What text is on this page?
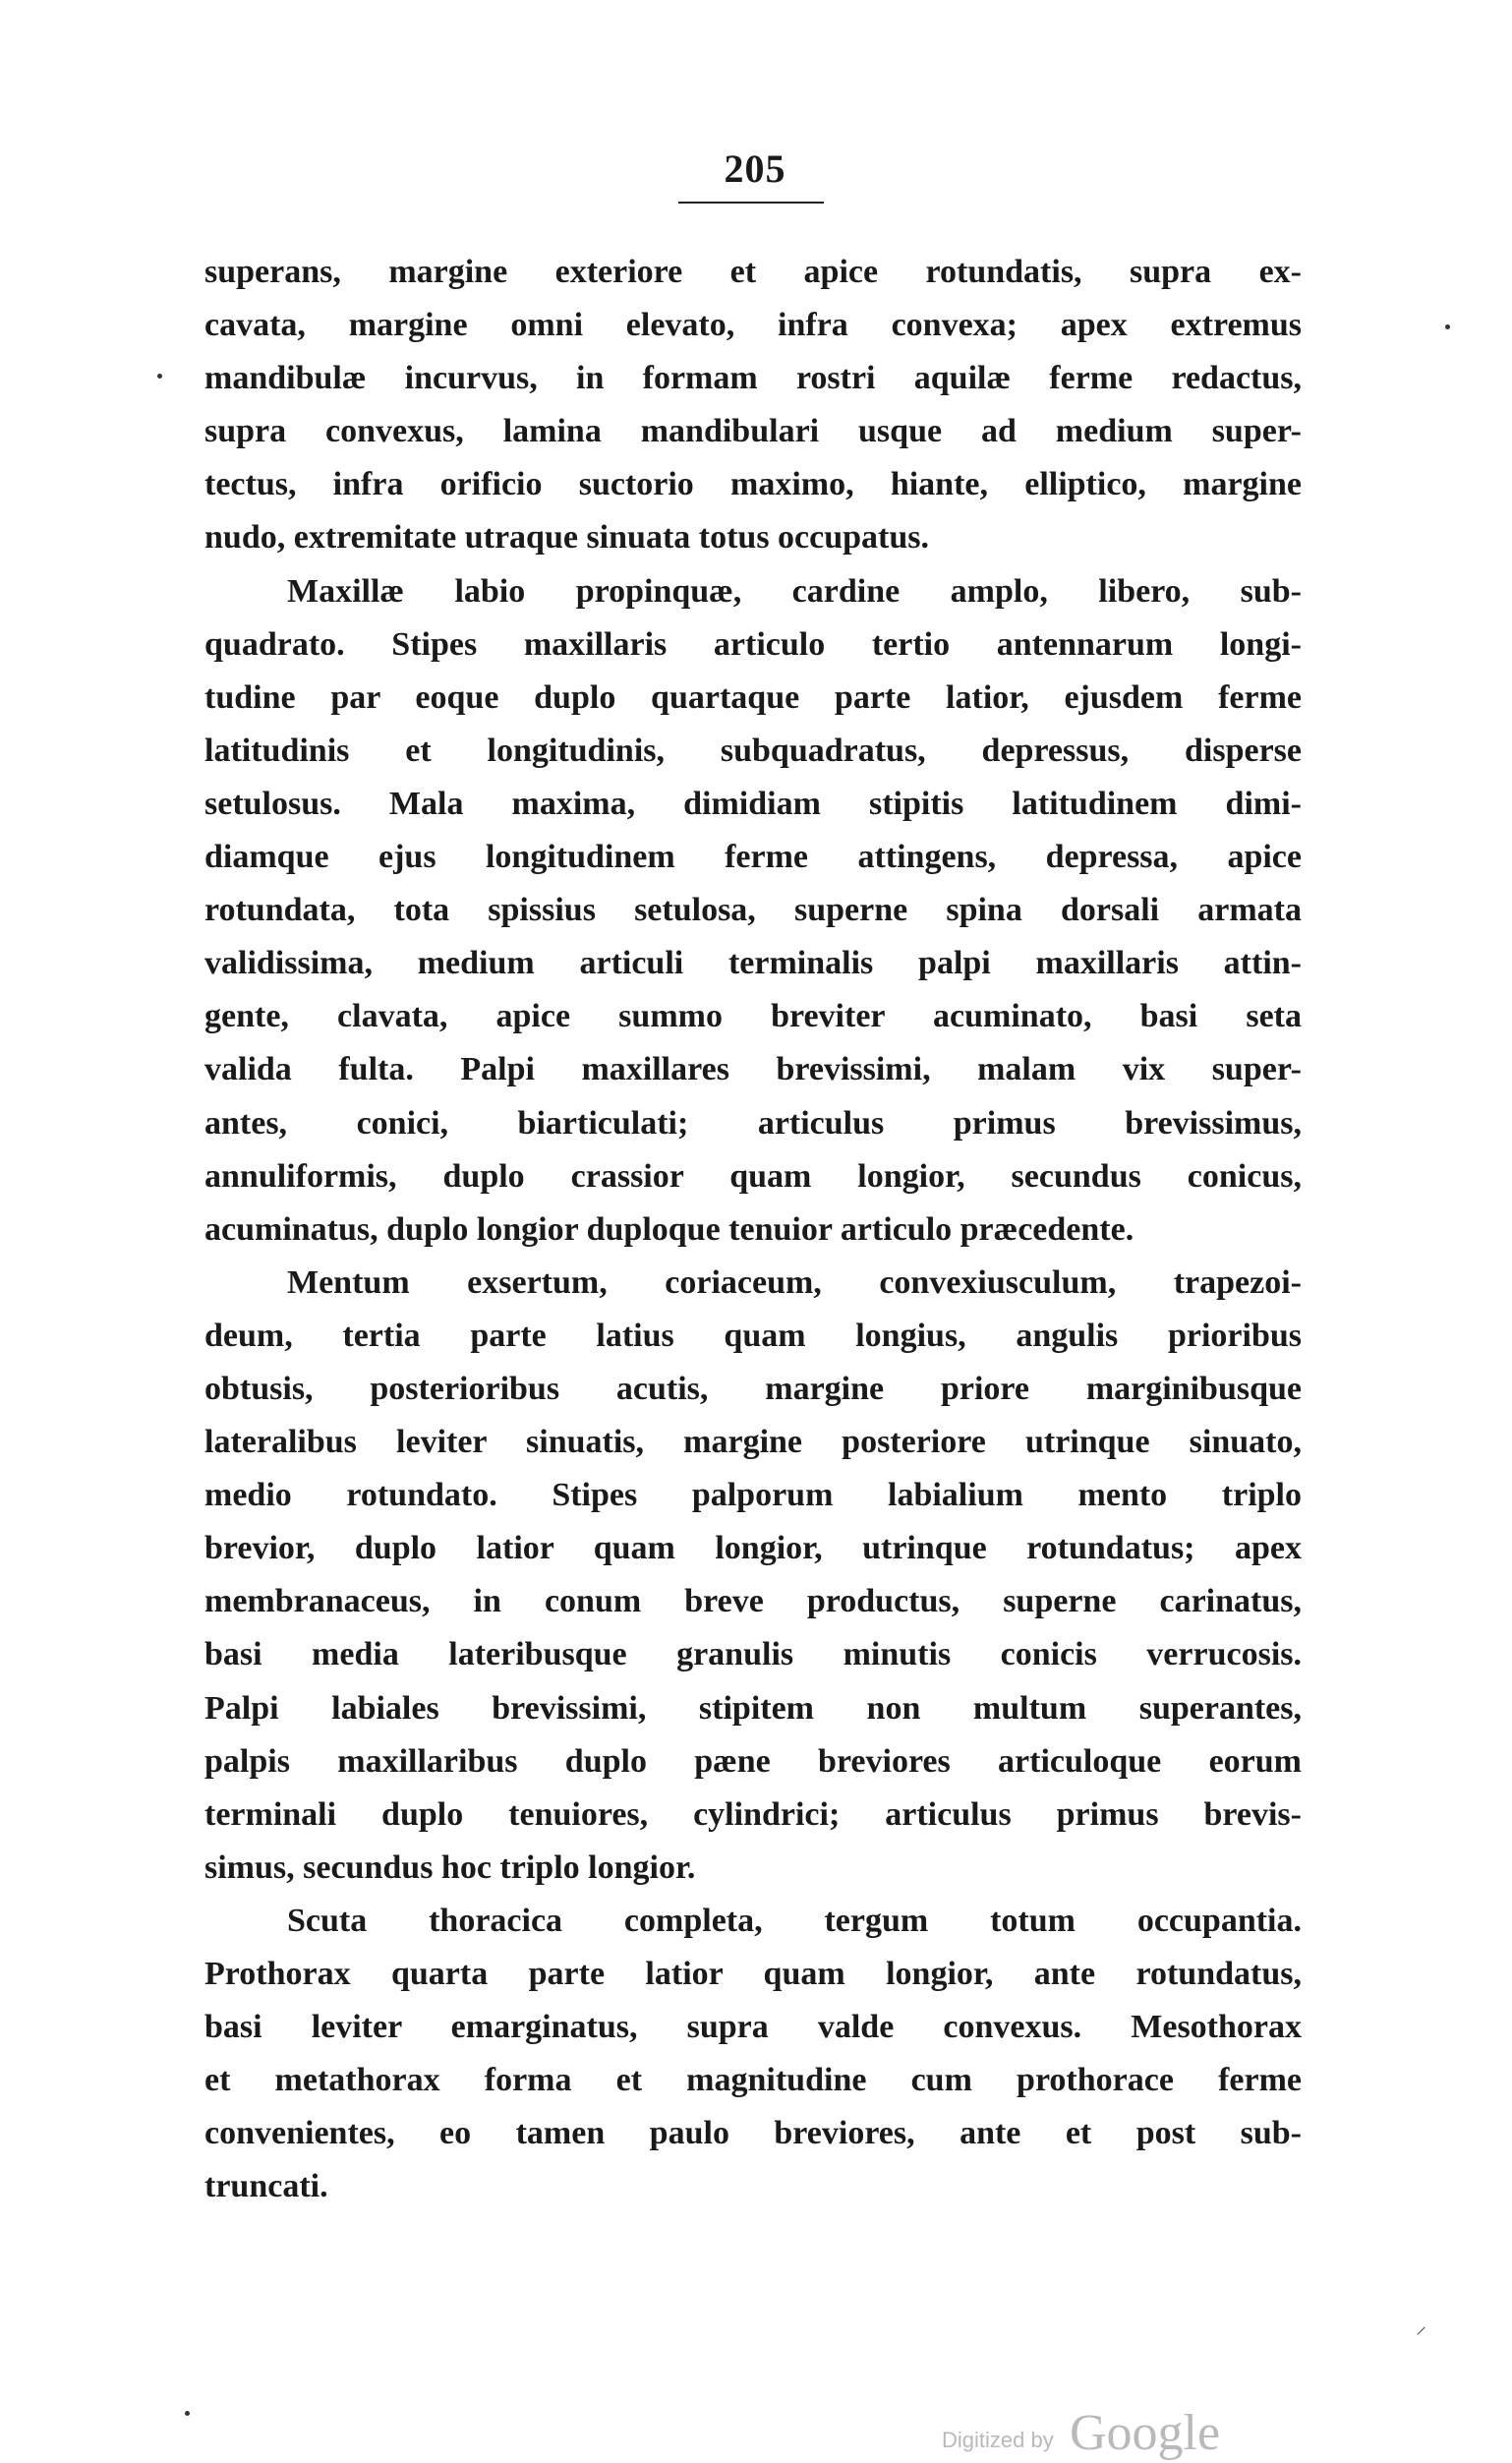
205
superans, margine exteriore et apice rotundatis, supra ex-
cavata, margine omni elevato, infra convexa; apex extremus
mandibulæ incurvus, in formam rostri aquilæ ferme redactus,
supra convexus, lamina mandibulari usque ad medium super-
tectus, infra orificio suctorio maximo, hiante, elliptico, margine
nudo, extremitate utraque sinuata totus occupatus.
Maxillæ labio propinquæ, cardine amplo, libero, sub-
quadrato. Stipes maxillaris articulo tertio antennarum longi-
tudine par eoque duplo quartaque parte latior, ejusdem ferme
latitudinis et longitudinis, subquadratus, depressus, disperse
setulosus. Mala maxima, dimidiam stipitis latitudinem dimi-
diamque ejus longitudinem ferme attingens, depressa, apice
rotundata, tota spissius setulosa, superne spina dorsali armata
validissima, medium articuli terminalis palpi maxillaris attin-
gente, clavata, apice summo breviter acuminato, basi seta
valida fulta. Palpi maxillares brevissimi, malam vix super-
antes, conici, biarticulati; articulus primus brevissimus,
annuliformis, duplo crassior quam longior, secundus conicus,
acuminatus, duplo longior duploque tenuior articulo præcedente.
Mentum exsertum, coriaceum, convexiusculum, trapezoi-
deum, tertia parte latius quam longius, angulis prioribus
obtusis, posterioribus acutis, margine priore marginibusque
lateralibus leviter sinuatis, margine posteriore utrinque sinuato,
medio rotundato. Stipes palporum labialium mento triplo
brevior, duplo latior quam longior, utrinque rotundatus; apex
membranaceus, in conum breve productus, superne carinatus,
basi media lateribusque granulis minutis conicis verrucosis.
Palpi labiales brevissimi, stipitem non multum superantes,
palpis maxillaribus duplo pæne breviores articuloque eorum
terminali duplo tenuiores, cylindrici; articulus primus brevis-
simus, secundus hoc triplo longior.
Scuta thoracica completa, tergum totum occupantia.
Prothorax quarta parte latior quam longior, ante rotundatus,
basi leviter emarginatus, supra valde convexus. Mesothorax
et metathorax forma et magnitudine cum prothorace ferme
convenientes, eo tamen paulo breviores, ante et post sub-
truncati.
⸝
Digitized by Google
